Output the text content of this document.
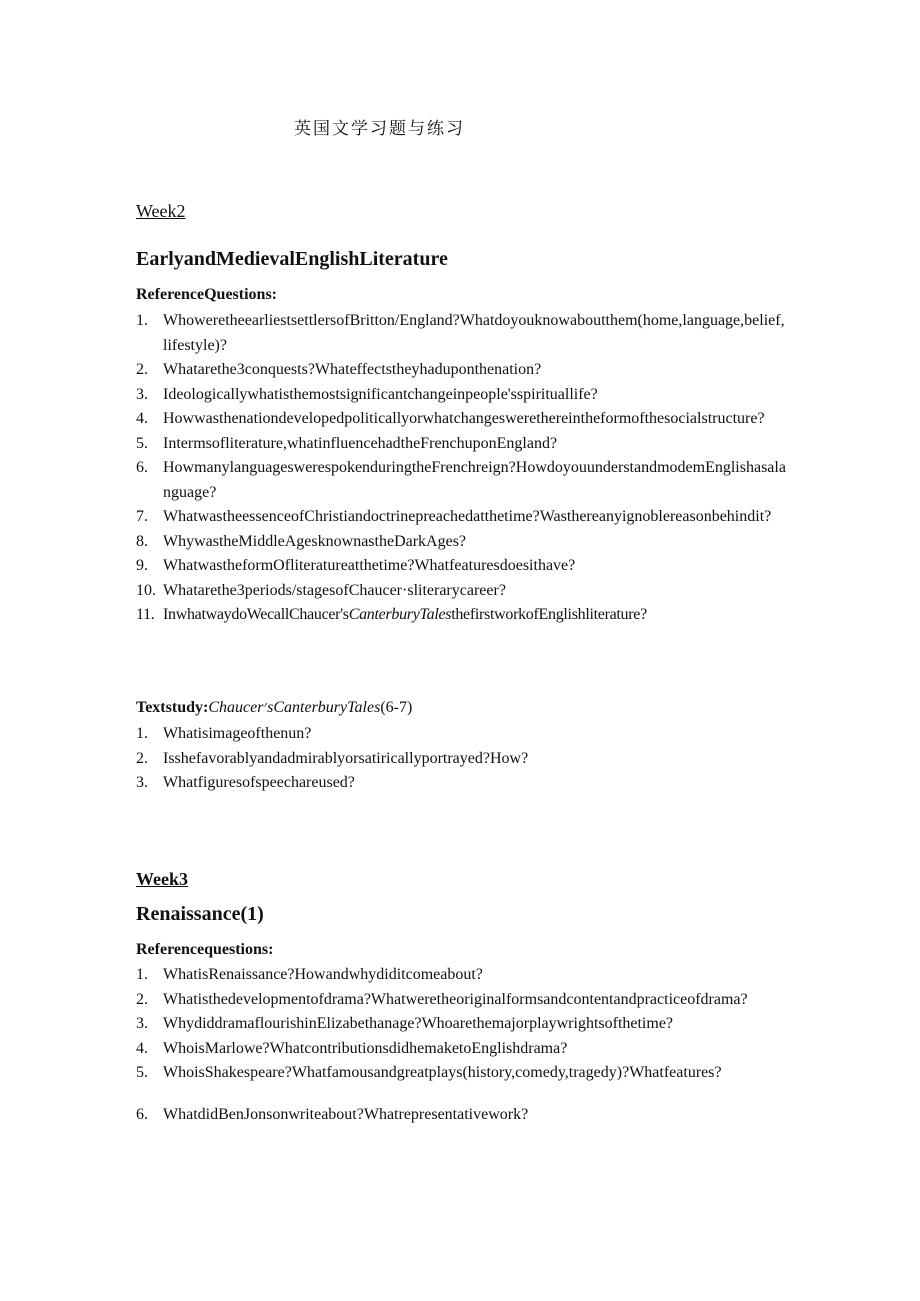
英国文学习题与练习
Week2
EarlyandMedievalEnglishLiterature
ReferenceQuestions:
1. WhoweretheearliestsettlersofBritton/England?Whatdoyouknowaboutthem(home,language,belief,lifestyle)?
2. Whatarethe3conquests?Whateffectstheyhaduponthenation?
3. Ideologicallywhatisthemostsignificantchangeinpeople'sspirituallife?
4. Howwasthenationdevelopedpoliticallyorwhatchangeswerethereintheformofthesocialstructure?
5. Intermsofliterature,whatinfluencehadtheFrenchuponEngland?
6. HowmanylanguageswerespokenduringtheFrenchreign?HowdoyouunderstandmodemEnglishasalanguage?
7. WhatwastheessenceofChristiandoctrinepreachedatthetime?Wasthereanyignoblereasonbehindit?
8. WhywastheMiddleAgesknownastheDarkAges?
9. WhatwastheformOfliteratureatthetime?Whatfeaturesdoesithave?
10. Whatarethe3periods/stagesofChaucer·sliterarycareer?
11. InwhatwaydoWecallChaucer'sCanterburyTalesthefirstworkofEnglishliterature?
Textstudy:Chaucer׳sCanterburyTales(6-7)
1. Whatisimageofthenun?
2. Isshefavorablyandadmirablyorsatiricallyportrayed?How?
3. Whatfiguresofspeechareused?
Week3
Renaissance(1)
Referencequestions:
1. WhatisRenaissance?Howandwhydiditcomeabout?
2. Whatisthedevelopmentofdrama?Whatweretheoriginalformsandcontentandpracticeofdrama?
3. WhydiddramaflourishinElizabethanage?Whoarethemajorplaywrightsofthetime?
4. WhoisMarlowe?WhatcontributionsdidhemaketoEnglishdrama?
5. WhoisShakespeare?Whatfamousandgreatplays(history,comedy,tragedy)?Whatfeatures?
6. WhatdidBenJonsonwriteabout?Whatrepresentativework?
